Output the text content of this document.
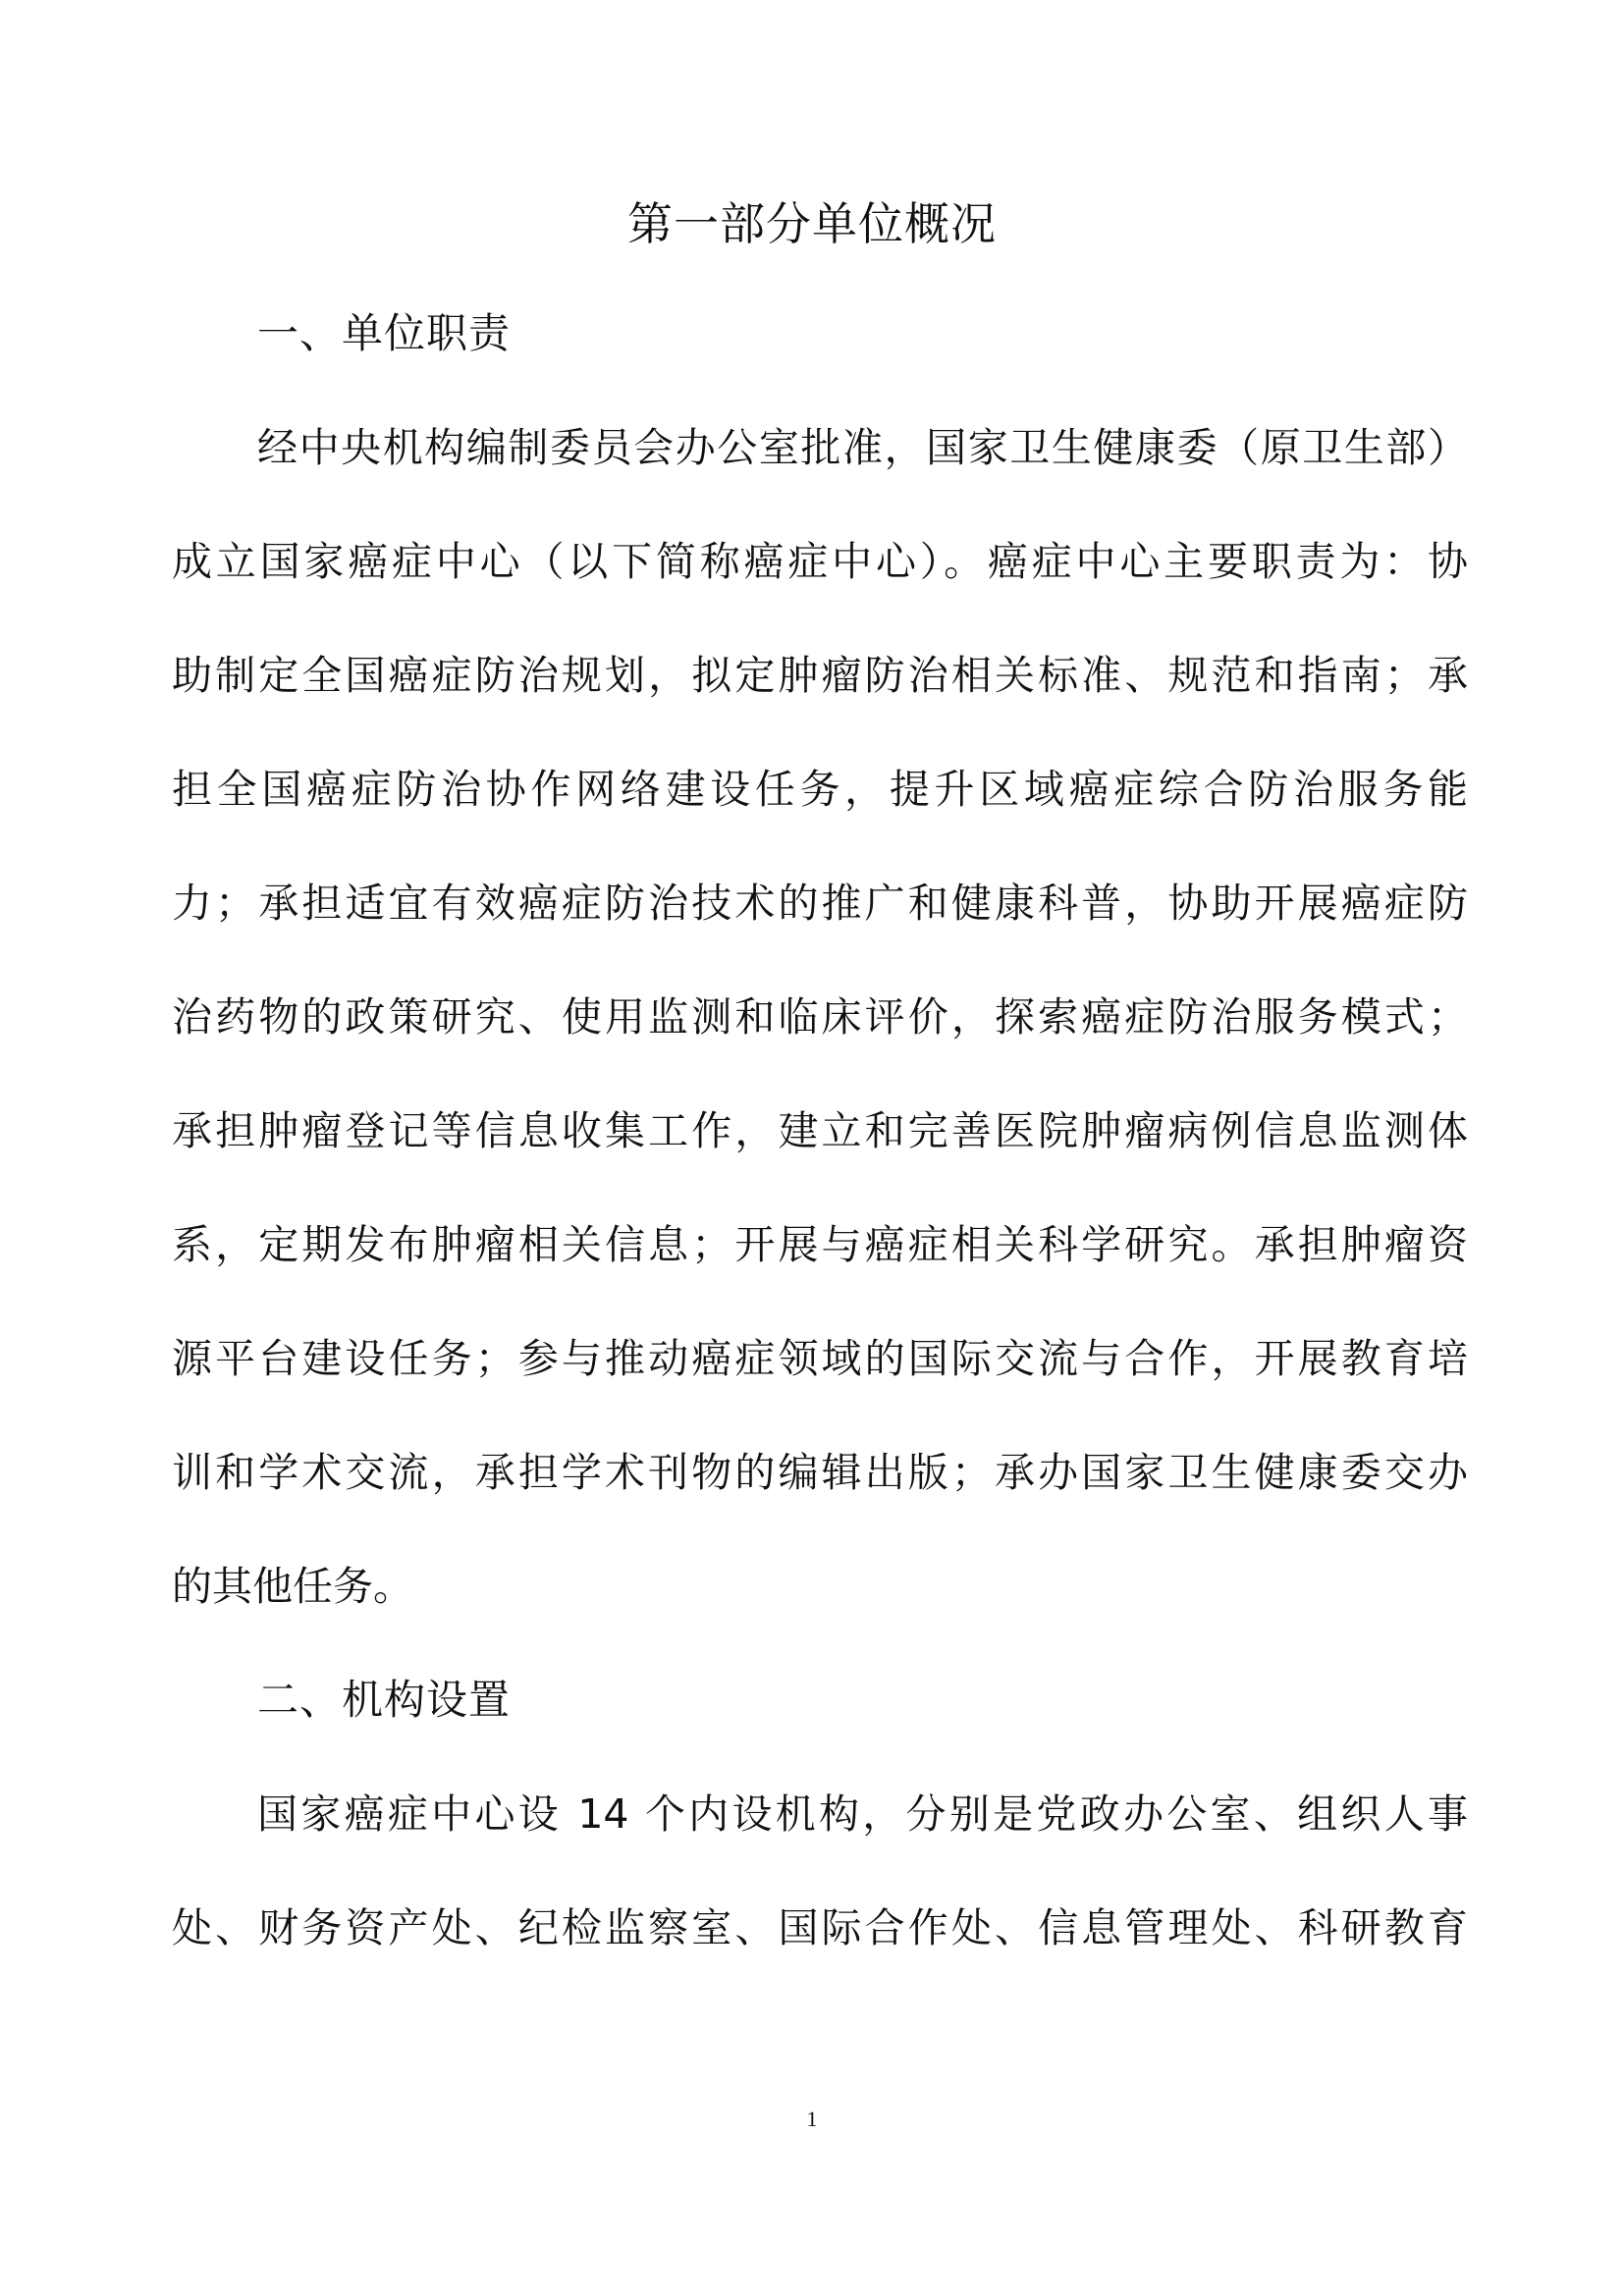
第一部分单位概况
一、单位职责
经中央机构编制委员会办公室批准，国家卫生健康委（原卫生部）
成立国家癌症中心（以下简称癌症中心）。癌症中心主要职责为：协
助制定全国癌症防治规划，拟定肿瘤防治相关标准、规范和指南；承
担全国癌症防治协作网络建设任务，提升区域癌症综合防治服务能
力；承担适宜有效癌症防治技术的推广和健康科普，协助开展癌症防
治药物的政策研究、使用监测和临床评价，探索癌症防治服务模式；
承担肿瘤登记等信息收集工作，建立和完善医院肿瘤病例信息监测体
系，定期发布肿瘤相关信息；开展与癌症相关科学研究。承担肿瘤资
源平台建设任务；参与推动癌症领域的国际交流与合作，开展教育培
训和学术交流，承担学术刊物的编辑出版；承办国家卫生健康委交办
的其他任务。
二、机构设置
国家癌症中心设 14 个内设机构，分别是党政办公室、组织人事
处、财务资产处、纪检监察室、国际合作处、信息管理处、科研教育
1
